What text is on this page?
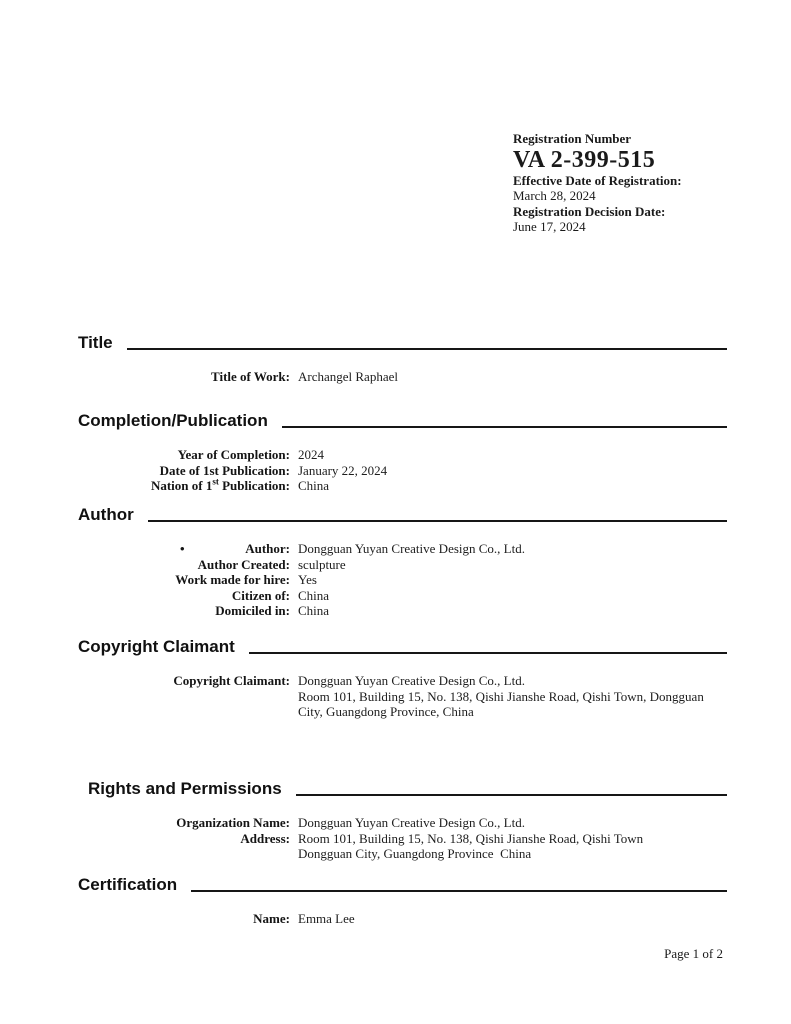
Registration Number
VA 2-399-515
Effective Date of Registration:
March 28, 2024
Registration Decision Date:
June 17, 2024
Title
Title of Work: Archangel Raphael
Completion/Publication
Year of Completion: 2024
Date of 1st Publication: January 22, 2024
Nation of 1st Publication: China
Author
•	Author: Dongguan Yuyan Creative Design Co., Ltd.
Author Created: sculpture
Work made for hire: Yes
Citizen of: China
Domiciled in: China
Copyright Claimant
Copyright Claimant: Dongguan Yuyan Creative Design Co., Ltd.
Room 101, Building 15, No. 138, Qishi Jianshe Road, Qishi Town, Dongguan
City, Guangdong Province, China
Rights and Permissions
Organization Name: Dongguan Yuyan Creative Design Co., Ltd.
Address: Room 101, Building 15, No. 138, Qishi Jianshe Road, Qishi Town
Dongguan City, Guangdong Province  China
Certification
Name: Emma Lee
Page 1 of 2
